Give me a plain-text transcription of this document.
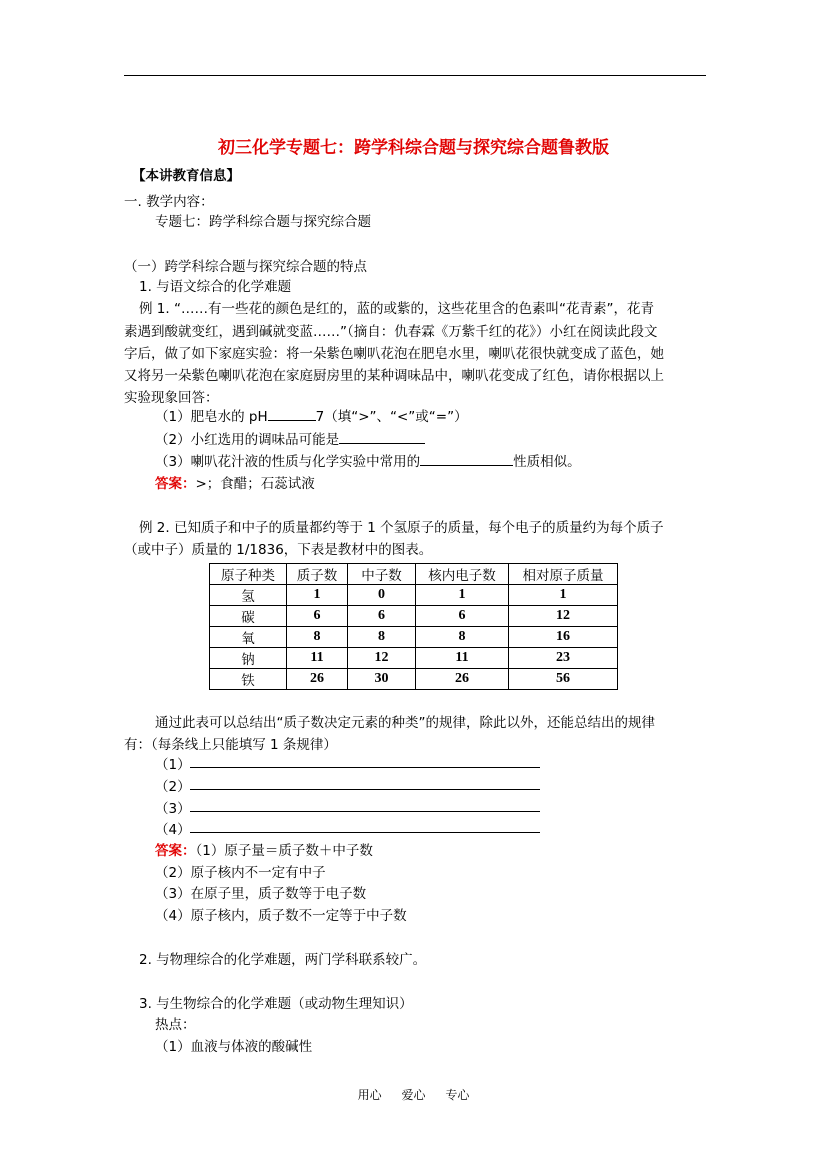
初三化学专题七：跨学科综合题与探究综合题鲁教版
【本讲教育信息】
一. 教学内容：
专题七：跨学科综合题与探究综合题
（一）跨学科综合题与探究综合题的特点
1. 与语文综合的化学难题
例 1. “……有一些花的颜色是红的，蓝的或紫的，这些花里含的色素叫“花青素”，花青
素遇到酸就变红，遇到碱就变蓝……”（摘自：仇春霖《万紫千红的花》）小红在阅读此段文
字后，做了如下家庭实验：将一朵紫色喇叭花泡在肥皂水里，喇叭花很快就变成了蓝色，她
又将另一朵紫色喇叭花泡在家庭厨房里的某种调味品中，喇叭花变成了红色，请你根据以上
实验现象回答：
（1）肥皂水的 pH	7（填“>”、“<”或“=”）
（2）小红选用的调味品可能是
（3）喇叭花汁液的性质与化学实验中常用的	性质相似。
答案：>；食醋；石蕊试液
例 2. 已知质子和中子的质量都约等于 1 个氢原子的质量，每个电子的质量约为每个质子
（或中子）质量的 1/1836，下表是教材中的图表。
原子种类	质子数	中子数	核内电子数	相对原子质量
氢	1	0	1	1
碳	6	6	6	12
氧	8	8	8	16
钠	11	12	11	23
铁	26	30	26	56
通过此表可以总结出“质子数决定元素的种类”的规律，除此以外，还能总结出的规律
有：（每条线上只能填写 1 条规律）
（1）
（2）
（3）
（4）
答案：（1）原子量＝质子数＋中子数
（2）原子核内不一定有中子
（3）在原子里，质子数等于电子数
（4）原子核内，质子数不一定等于中子数
2. 与物理综合的化学难题，两门学科联系较广。
3. 与生物综合的化学难题（或动物生理知识）
热点：
（1）血液与体液的酸碱性
用心 爱心 专心
